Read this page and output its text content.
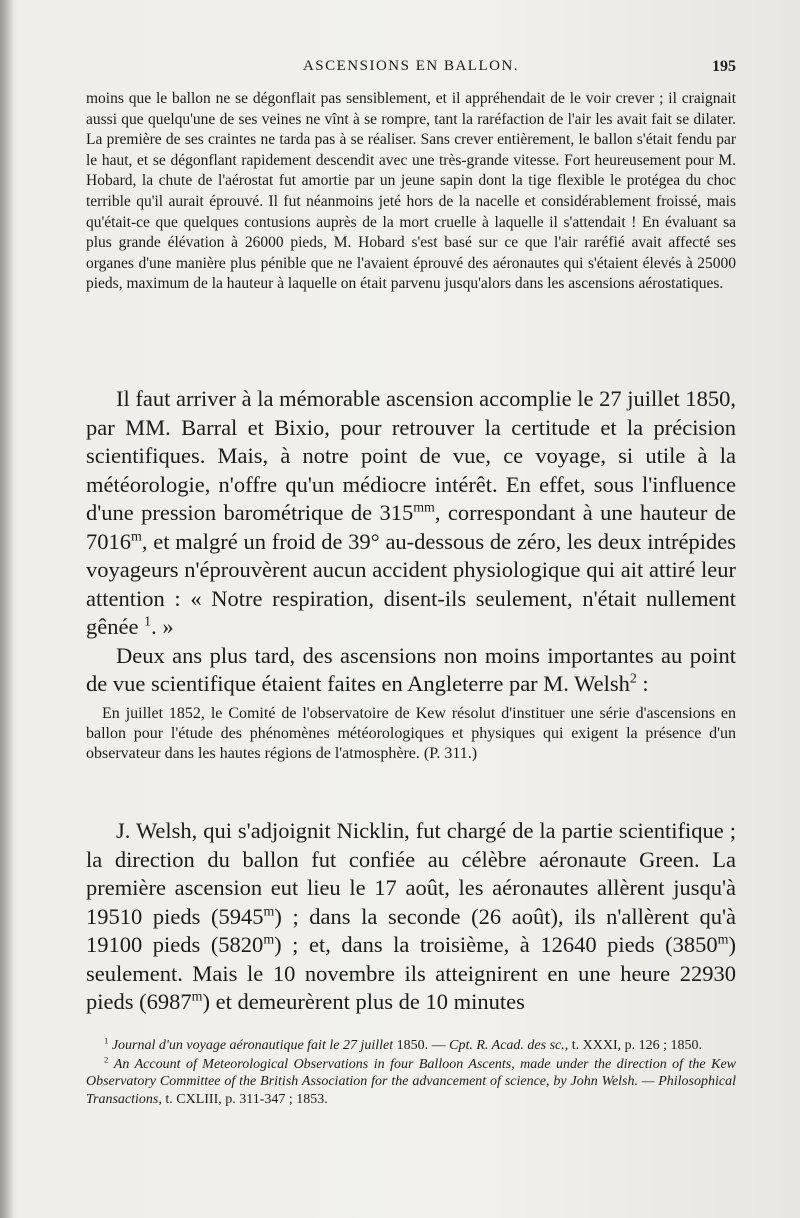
ASCENSIONS EN BALLON.	195
moins que le ballon ne se dégonflait pas sensiblement, et il appréhendait de le voir crever ; il craignait aussi que quelqu'une de ses veines ne vînt à se rompre, tant la raréfaction de l'air les avait fait se dilater. La première de ses craintes ne tarda pas à se réaliser. Sans crever entièrement, le ballon s'était fendu par le haut, et se dégonflant rapidement descendit avec une très-grande vitesse. Fort heureusement pour M. Hobard, la chute de l'aérostat fut amortie par un jeune sapin dont la tige flexible le protégea du choc terrible qu'il aurait éprouvé. Il fut néanmoins jeté hors de la nacelle et considérablement froissé, mais qu'était-ce que quelques contusions auprès de la mort cruelle à laquelle il s'attendait ! En évaluant sa plus grande élévation à 26000 pieds, M. Hobard s'est basé sur ce que l'air raréfié avait affecté ses organes d'une manière plus pénible que ne l'avaient éprouvé des aéronautes qui s'étaient élevés à 25000 pieds, maximum de la hauteur à laquelle on était parvenu jusqu'alors dans les ascensions aérostatiques.

Il faut arriver à la mémorable ascension accomplie le 27 juillet 1850, par MM. Barral et Bixio, pour retrouver la certitude et la précision scientifiques. Mais, à notre point de vue, ce voyage, si utile à la météorologie, n'offre qu'un médiocre intérêt. En effet, sous l'influence d'une pression barométrique de $315^{mm}$, correspondant à une hauteur de 7016$^m$, et malgré un froid de 39° au-dessous de zéro, les deux intrépides voyageurs n'éprouvèrent aucun accident physiologique qui ait attiré leur attention : « Notre respiration, disent-ils seulement, n'était nullement gênée $^1$. »

Deux ans plus tard, des ascensions non moins importantes au point de vue scientifique étaient faites en Angleterre par M. Welsh$^2$ :

En juillet 1852, le Comité de l'observatoire de Kew résolut d'instituer une série d'ascensions en ballon pour l'étude des phénomènes météorologiques et physiques qui exigent la présence d'un observateur dans les hautes régions de l'atmosphère. (P. 311.)

J. Welsh, qui s'adjoignit Nicklin, fut chargé de la partie scientifique ; la direction du ballon fut confiée au célèbre aéronaute Green. La première ascension eut lieu le 17 août, les aéronautes allèrent jusqu'à 19510 pieds (5945$^m$) ; dans la seconde (26 août), ils n'allèrent qu'à 19100 pieds (5820$^m$) ; et, dans la troisième, à 12640 pieds (3850$^m$) seulement. Mais le 10 novembre ils atteignirent en une heure 22930 pieds (6987$^m$) et demeurèrent plus de 10 minutes

$^1$ Journal d'un voyage aéronautique fait le 27 juillet 1850. — Cpt. R. Acad. des sc., t. XXXI, p. 126 ; 1850.

$^2$ An Account of Meteorological Observations in four Balloon Ascents, made under the direction of the Kew Observatory Committee of the British Association for the advancement of science, by John Welsh. — Philosophical Transactions, t. CXLIII, p. 311-347 ; 1853.
